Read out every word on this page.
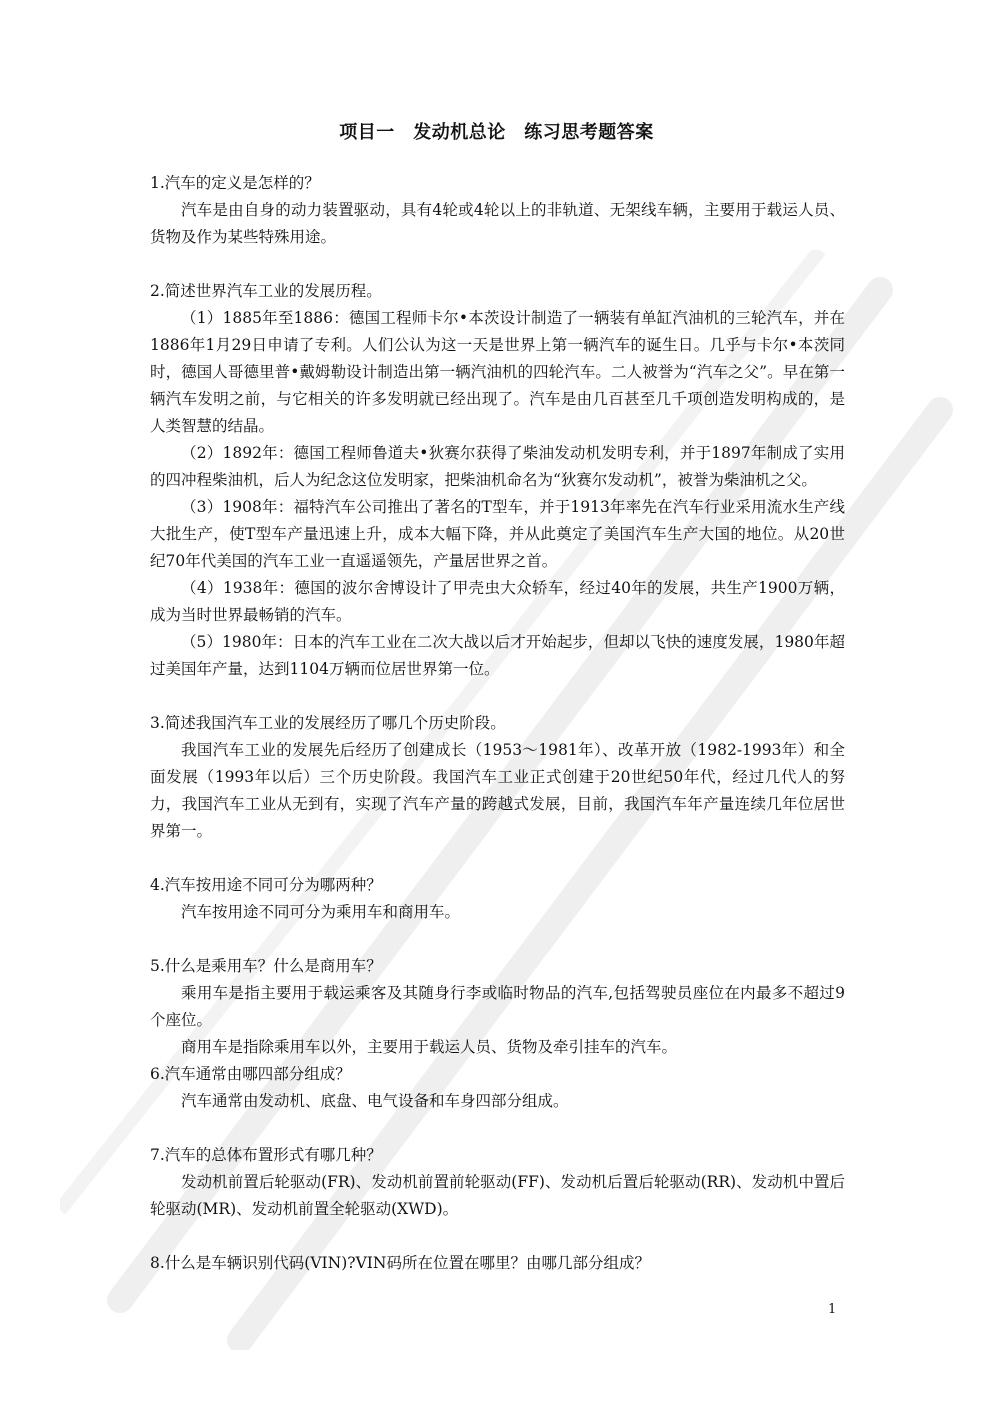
项目一　发动机总论　练习思考题答案
1.汽车的定义是怎样的？

汽车是由自身的动力装置驱动，具有4轮或4轮以上的非轨道、无架线车辆，主要用于载运人员、货物及作为某些特殊用途。

2.简述世界汽车工业的发展历程。

（1）1885年至1886：德国工程师卡尔•本茨设计制造了一辆装有单缸汽油机的三轮汽车，并在1886年1月29日申请了专利。人们公认为这一天是世界上第一辆汽车的诞生日。几乎与卡尔•本茨同时，德国人哥德里普•戴姆勒设计制造出第一辆汽油机的四轮汽车。二人被誉为“汽车之父”。早在第一辆汽车发明之前，与它相关的许多发明就已经出现了。汽车是由几百甚至几千项创造发明构成的，是人类智慧的结晶。

（2）1892年：德国工程师鲁道夫•狄赛尔获得了柴油发动机发明专利，并于1897年制成了实用的四冲程柴油机，后人为纪念这位发明家，把柴油机命名为“狄赛尔发动机”，被誉为柴油机之父。

（3）1908年：福特汽车公司推出了著名的T型车，并于1913年率先在汽车行业采用流水生产线大批生产，使T型车产量迅速上升，成本大幅下降，并从此奠定了美国汽车生产大国的地位。从20世纪70年代美国的汽车工业一直遥遥领先，产量居世界之首。

（4）1938年：德国的波尔舍博设计了甲壳虫大众轿车，经过40年的发展，共生产1900万辆，成为当时世界最畅销的汽车。

（5）1980年：日本的汽车工业在二次大战以后才开始起步，但却以飞快的速度发展，1980年超过美国年产量，达到1104万辆而位居世界第一位。

3.简述我国汽车工业的发展经历了哪几个历史阶段。

我国汽车工业的发展先后经历了创建成长（1953～1981年）、改革开放（1982-1993年）和全面发展（1993年以后）三个历史阶段。我国汽车工业正式创建于20世纪50年代，经过几代人的努力，我国汽车工业从无到有，实现了汽车产量的跨越式发展，目前，我国汽车年产量连续几年位居世界第一。

4.汽车按用途不同可分为哪两种？

汽车按用途不同可分为乘用车和商用车。

5.什么是乘用车？什么是商用车？

乘用车是指主要用于载运乘客及其随身行李或临时物品的汽车,包括驾驶员座位在内最多不超过9个座位。

商用车是指除乘用车以外，主要用于载运人员、货物及牵引挂车的汽车。

6.汽车通常由哪四部分组成？

汽车通常由发动机、底盘、电气设备和车身四部分组成。

7.汽车的总体布置形式有哪几种？

发动机前置后轮驱动(FR)、发动机前置前轮驱动(FF)、发动机后置后轮驱动(RR)、发动机中置后轮驱动(MR)、发动机前置全轮驱动(XWD)。

8.什么是车辆识别代码(VIN)?VIN码所在位置在哪里？由哪几部分组成？
1
